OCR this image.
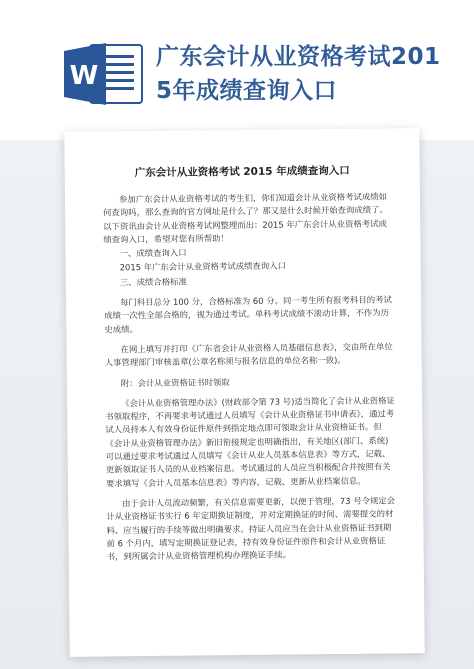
W
广东会计从业资格考试201
5年成绩查询入口
广东会计从业资格考试 2015 年成绩查询入口

参加广东会计从业资格考试的考生们，你们知道会计从业资格考试成绩如何查询吗，那么查询的官方网址是什么了？那又是什么时候开始查询成绩了。以下资讯由会计从业资格考试网整理而出：2015 年广东会计从业资格考试成绩查询入口，希望对您有所帮助！

一、成绩查询入口

2015 年广东会计从业资格考试成绩查询入口

三、成绩合格标准

每门科目总分 100 分，合格标准为 60 分。同一考生所有报考科目的考试成绩一次性全部合格的，视为通过考试。单科考试成绩不滚动计算，不作为历史成绩。

在网上填写并打印《广东省会计从业资格人员基础信息表》，交由所在单位人事管理部门审核盖章(公章名称须与报名信息的单位名称一致)。

附：会计从业资格证书时领取

《会计从业资格管理办法》(财政部令第 73 号)适当简化了会计从业资格证书领取程序，不再要求考试通过人员填写《会计从业资格证书申请表》，通过考试人员持本人有效身份证件原件到指定地点即可领取会计从业资格证书。但《会计从业资格管理办法》新旧衔接规定也明确指出，有关地区(部门、系统)可以通过要求考试通过人员填写《会计从业人员基本信息表》等方式，记载、更新领取证书人员的从业档案信息。考试通过的人员应当积极配合并按照有关要求填写《会计人员基本信息表》等内容，记载、更新从业档案信息。

由于会计人员流动频繁，有关信息需要更新，以便于管理，73 号令规定会计从业资格证书实行 6 年定期换证制度，并对定期换证的时间、需要提交的材料、应当履行的手续等做出明确要求。持证人员应当在会计从业资格证书到期前 6 个月内，填写定期换证登记表，持有效身份证件原件和会计从业资格证书，到所属会计从业资格管理机构办理换证手续。
